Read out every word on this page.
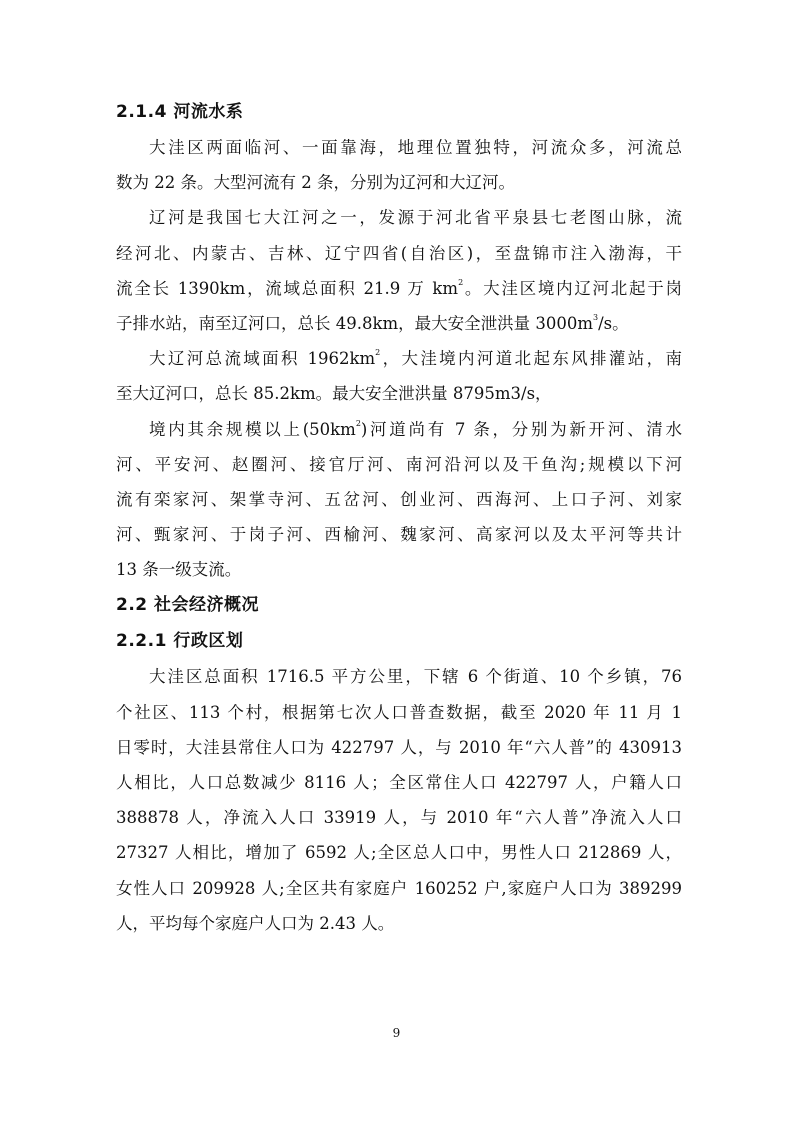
2.1.4 河流水系
大洼区两面临河、一面靠海，地理位置独特，河流众多，河流总
数为 22 条。大型河流有 2 条，分别为辽河和大辽河。
辽河是我国七大江河之一，发源于河北省平泉县七老图山脉，流
经河北、内蒙古、吉林、辽宁四省(自治区)，至盘锦市注入渤海，干
流全长 1390km，流域总面积 21.9 万 $km^2$。大洼区境内辽河北起于岗
子排水站，南至辽河口，总长 49.8km，最大安全泄洪量 $3000m^3/s$。
大辽河总流域面积 $1962km^2$，大洼境内河道北起东风排灌站，南
至大辽河口，总长 85.2km。最大安全泄洪量 8795m3/s，
境内其余规模以上$(50km^2)$河道尚有 7 条，分别为新开河、清水
河、平安河、赵圈河、接官厅河、南河沿河以及干鱼沟;规模以下河
流有栾家河、架掌寺河、五岔河、创业河、西海河、上口子河、刘家
河、甄家河、于岗子河、西榆河、魏家河、高家河以及太平河等共计
13 条一级支流。
2.2 社会经济概况
2.2.1 行政区划
大洼区总面积 1716.5 平方公里，下辖 6 个街道、10 个乡镇，76
个社区、113 个村，根据第七次人口普查数据，截至 2020 年 11 月 1
日零时，大洼县常住人口为 422797 人，与 2010 年“六人普”的 430913
人相比，人口总数减少 8116 人；全区常住人口 422797 人，户籍人口
388878 人，净流入人口 33919 人，与 2010 年“六人普”净流入人口
27327 人相比，增加了 6592 人;全区总人口中，男性人口 212869 人，
女性人口 209928 人;全区共有家庭户 160252 户,家庭户人口为 389299
人，平均每个家庭户人口为 2.43 人。
9
